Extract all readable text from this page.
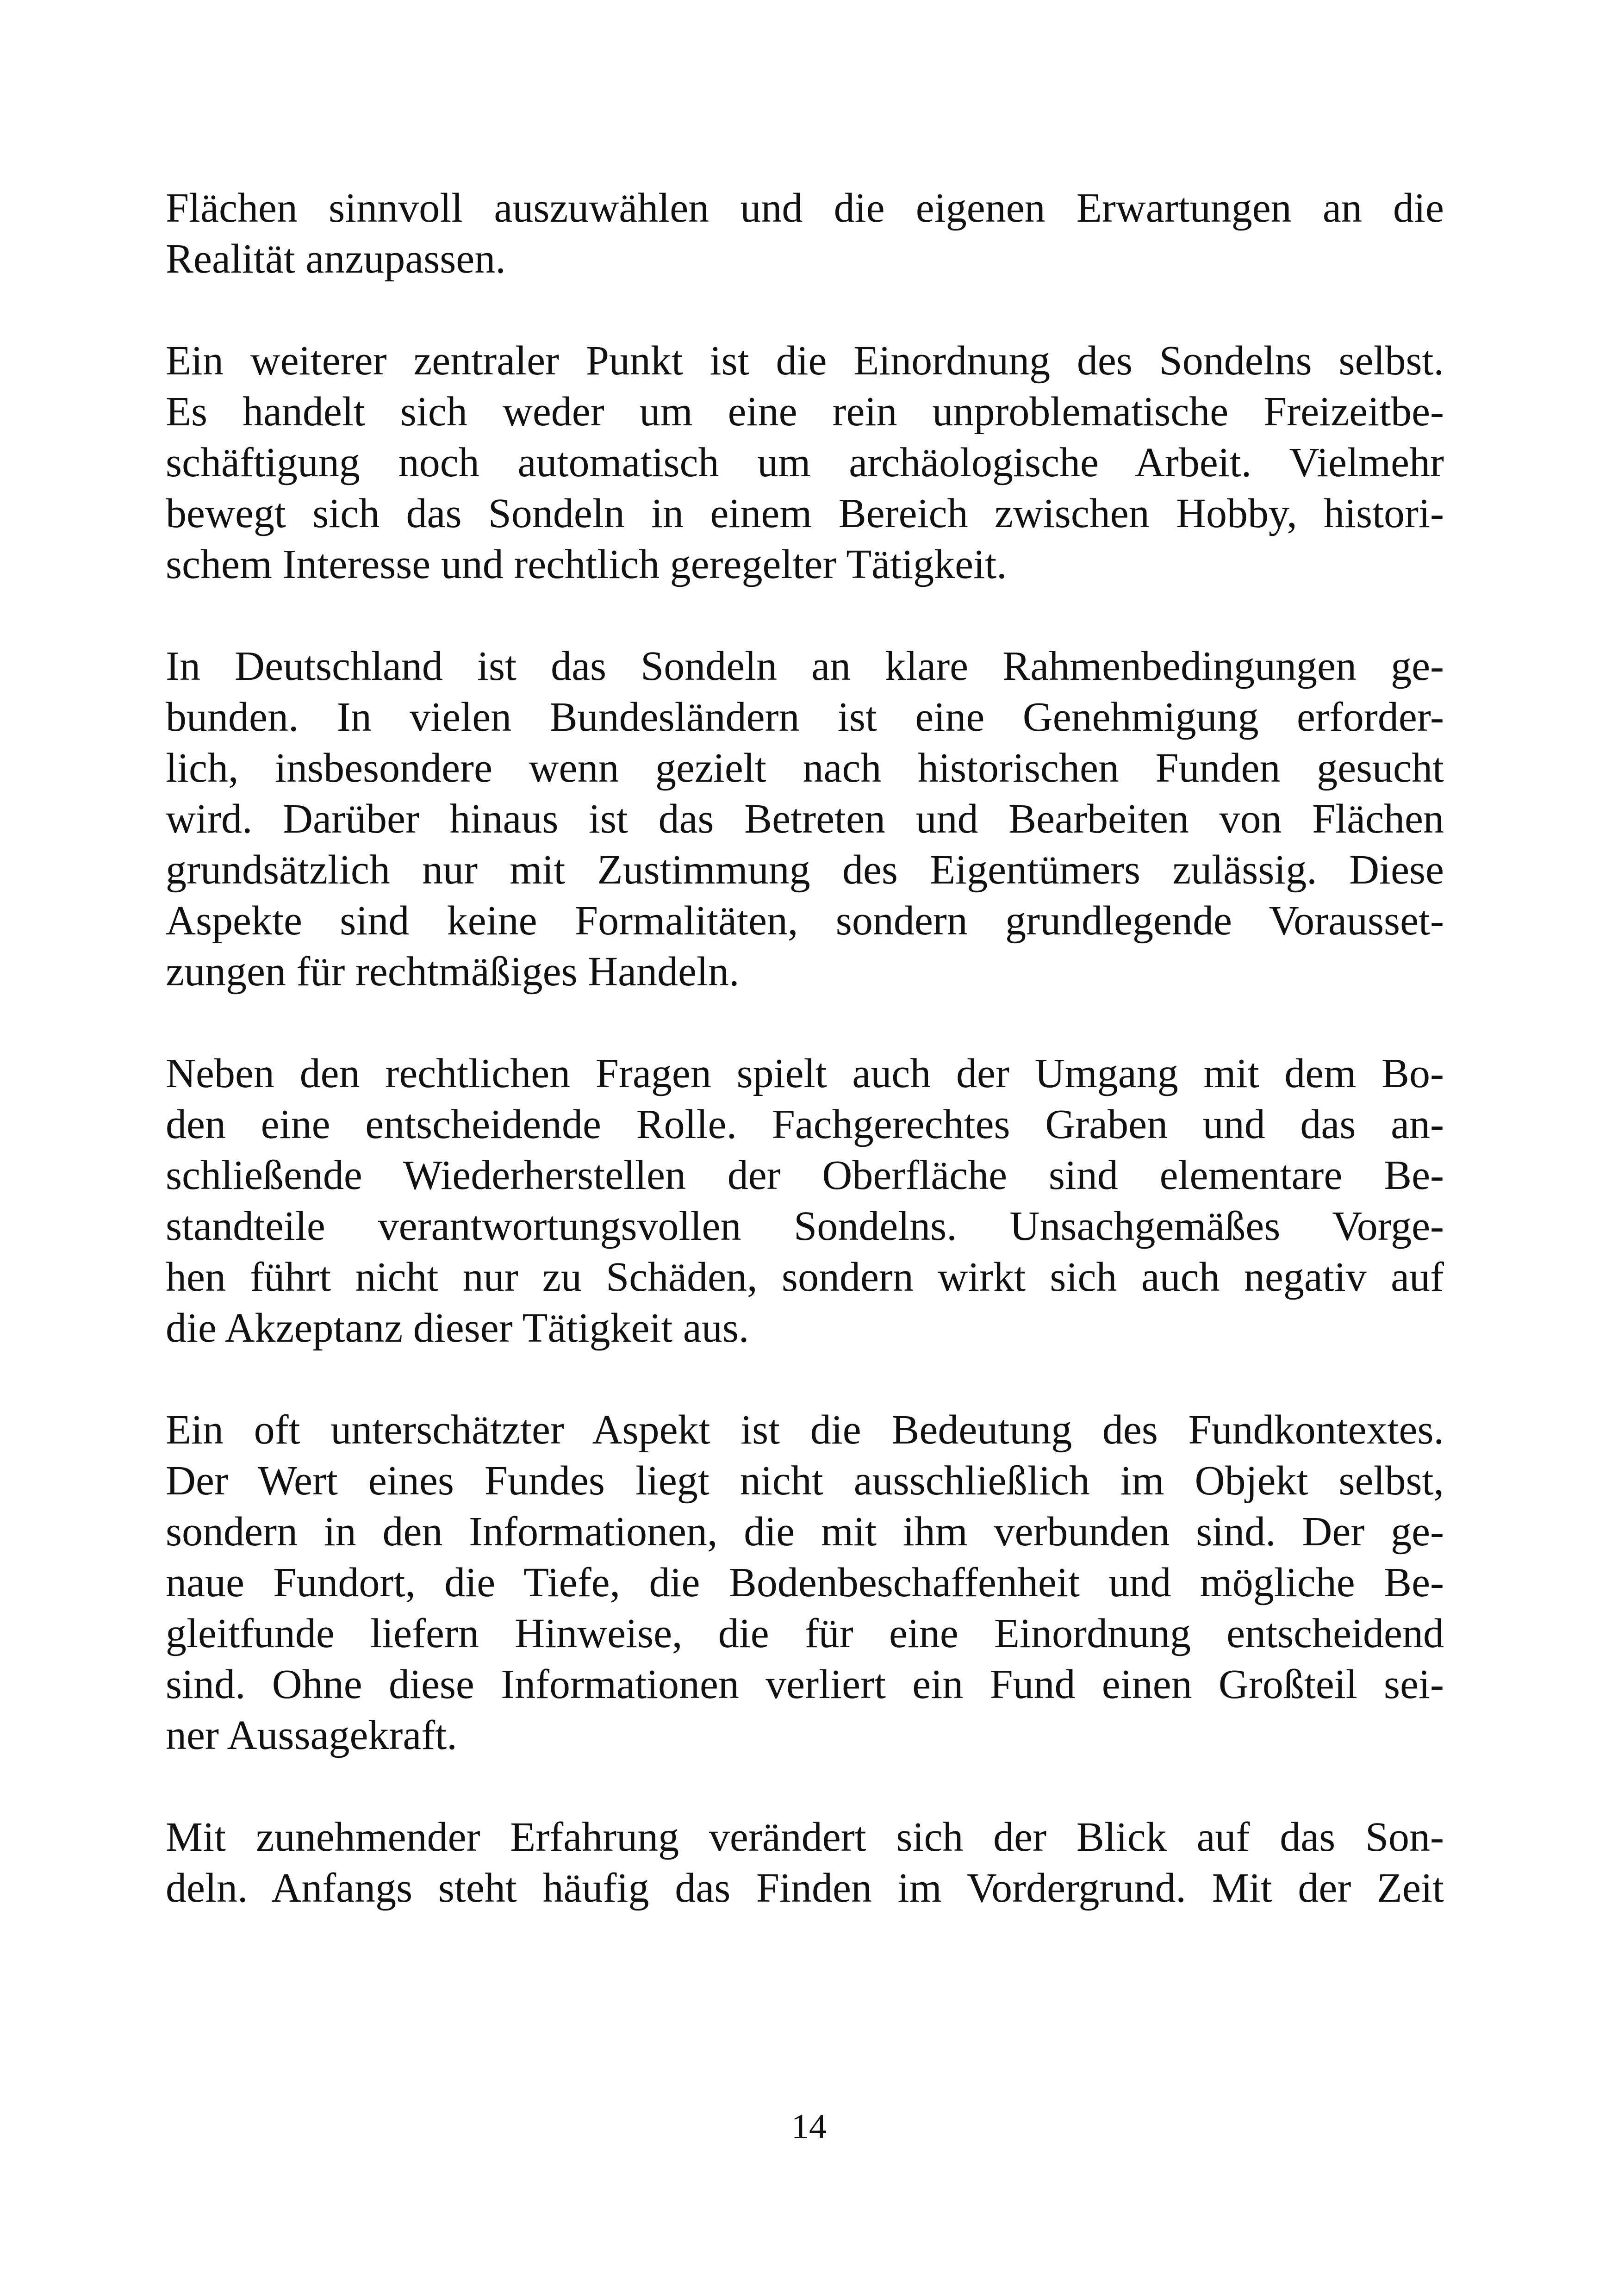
Flächen sinnvoll auszuwählen und die eigenen Erwartungen an die
Realität anzupassen.
Ein weiterer zentraler Punkt ist die Einordnung des Sondelns selbst.
Es handelt sich weder um eine rein unproblematische Freizeitbe-
schäftigung noch automatisch um archäologische Arbeit. Vielmehr
bewegt sich das Sondeln in einem Bereich zwischen Hobby, histori-
schem Interesse und rechtlich geregelter Tätigkeit.
In Deutschland ist das Sondeln an klare Rahmenbedingungen ge-
bunden. In vielen Bundesländern ist eine Genehmigung erforder-
lich, insbesondere wenn gezielt nach historischen Funden gesucht
wird. Darüber hinaus ist das Betreten und Bearbeiten von Flächen
grundsätzlich nur mit Zustimmung des Eigentümers zulässig. Diese
Aspekte sind keine Formalitäten, sondern grundlegende Vorausset-
zungen für rechtmäßiges Handeln.
Neben den rechtlichen Fragen spielt auch der Umgang mit dem Bo-
den eine entscheidende Rolle. Fachgerechtes Graben und das an-
schließende Wiederherstellen der Oberfläche sind elementare Be-
standteile verantwortungsvollen Sondelns. Unsachgemäßes Vorge-
hen führt nicht nur zu Schäden, sondern wirkt sich auch negativ auf
die Akzeptanz dieser Tätigkeit aus.
Ein oft unterschätzter Aspekt ist die Bedeutung des Fundkontextes.
Der Wert eines Fundes liegt nicht ausschließlich im Objekt selbst,
sondern in den Informationen, die mit ihm verbunden sind. Der ge-
naue Fundort, die Tiefe, die Bodenbeschaffenheit und mögliche Be-
gleitfunde liefern Hinweise, die für eine Einordnung entscheidend
sind. Ohne diese Informationen verliert ein Fund einen Großteil sei-
ner Aussagekraft.
Mit zunehmender Erfahrung verändert sich der Blick auf das Son-
deln. Anfangs steht häufig das Finden im Vordergrund. Mit der Zeit
14
